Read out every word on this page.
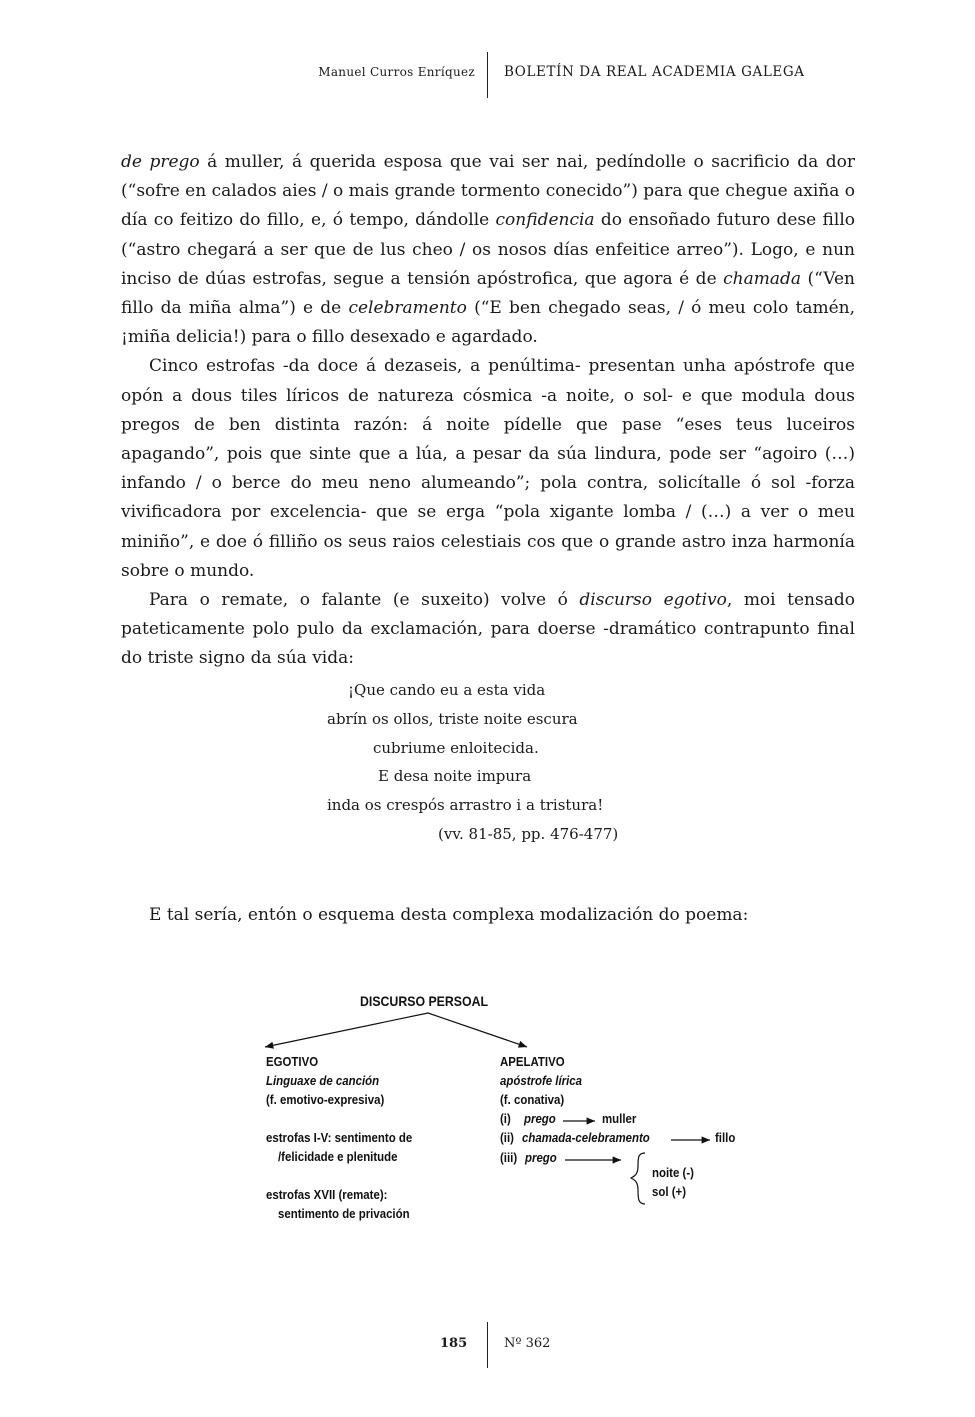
Manuel Curros Enríquez BOLETÍN DA REAL ACADEMIA GALEGA

de prego á muller, á querida esposa que vai ser nai, pedíndolle o sacrificio da dor (“sofre en calados aies / o mais grande tormento conecido”) para que chegue axiña o día co feitizo do fillo, e, ó tempo, dándolle confidencia do ensoñado futuro dese fillo (“astro chegará a ser que de lus cheo / os nosos días enfeitice arreo”). Logo, e nun inciso de dúas estrofas, segue a tensión apóstrofica, que agora é de chamada (“Ven fillo da miña alma”) e de celebramento (“E ben chegado seas, / ó meu colo tamén, ¡miña delicia!) para o fillo desexado e agardado.

Cinco estrofas -da doce á dezaseis, a penúltima- presentan unha apóstrofe que opón a dous tiles líricos de natureza cósmica -a noite, o sol- e que modula dous pregos de ben distinta razón: á noite pídelle que pase “eses teus luceiros apagando”, pois que sinte que a lúa, a pesar da súa lindura, pode ser “agoiro (…) infando / o berce do meu neno alumeando”; pola contra, solicítalle ó sol -forza vivificadora por excelencia- que se erga “pola xigante lomba / (…) a ver o meu miniño”, e doe ó filliño os seus raios celestiais cos que o grande astro inza harmonía sobre o mundo.

Para o remate, o falante (e suxeito) volve ó discurso egotivo, moi tensado pateticamente polo pulo da exclamación, para doerse -dramático contrapunto final do triste signo da súa vida:

¡Que cando eu a esta vida
abrín os ollos, triste noite escura
cubriume enloitecida.
E desa noite impura
inda os crespós arrastro i a tristura!
(vv. 81-85, pp. 476-477)
E tal sería, entón o esquema desta complexa modalización do poema:
DISCURSO PERSOAL
EGOTIVO
Linguaxe de canción
(f. emotivo-expresiva)
estrofas I-V: sentimento de
/felicidade e plenitude
estrofas XVII (remate):
sentimento de privación
APELATIVO
apóstrofe lírica
(f. conativa)
(i) prego	muller
(ii) chamada-celebramento	fillo
(iii) prego
noite (-)
sol (+)
185	Nº 362
